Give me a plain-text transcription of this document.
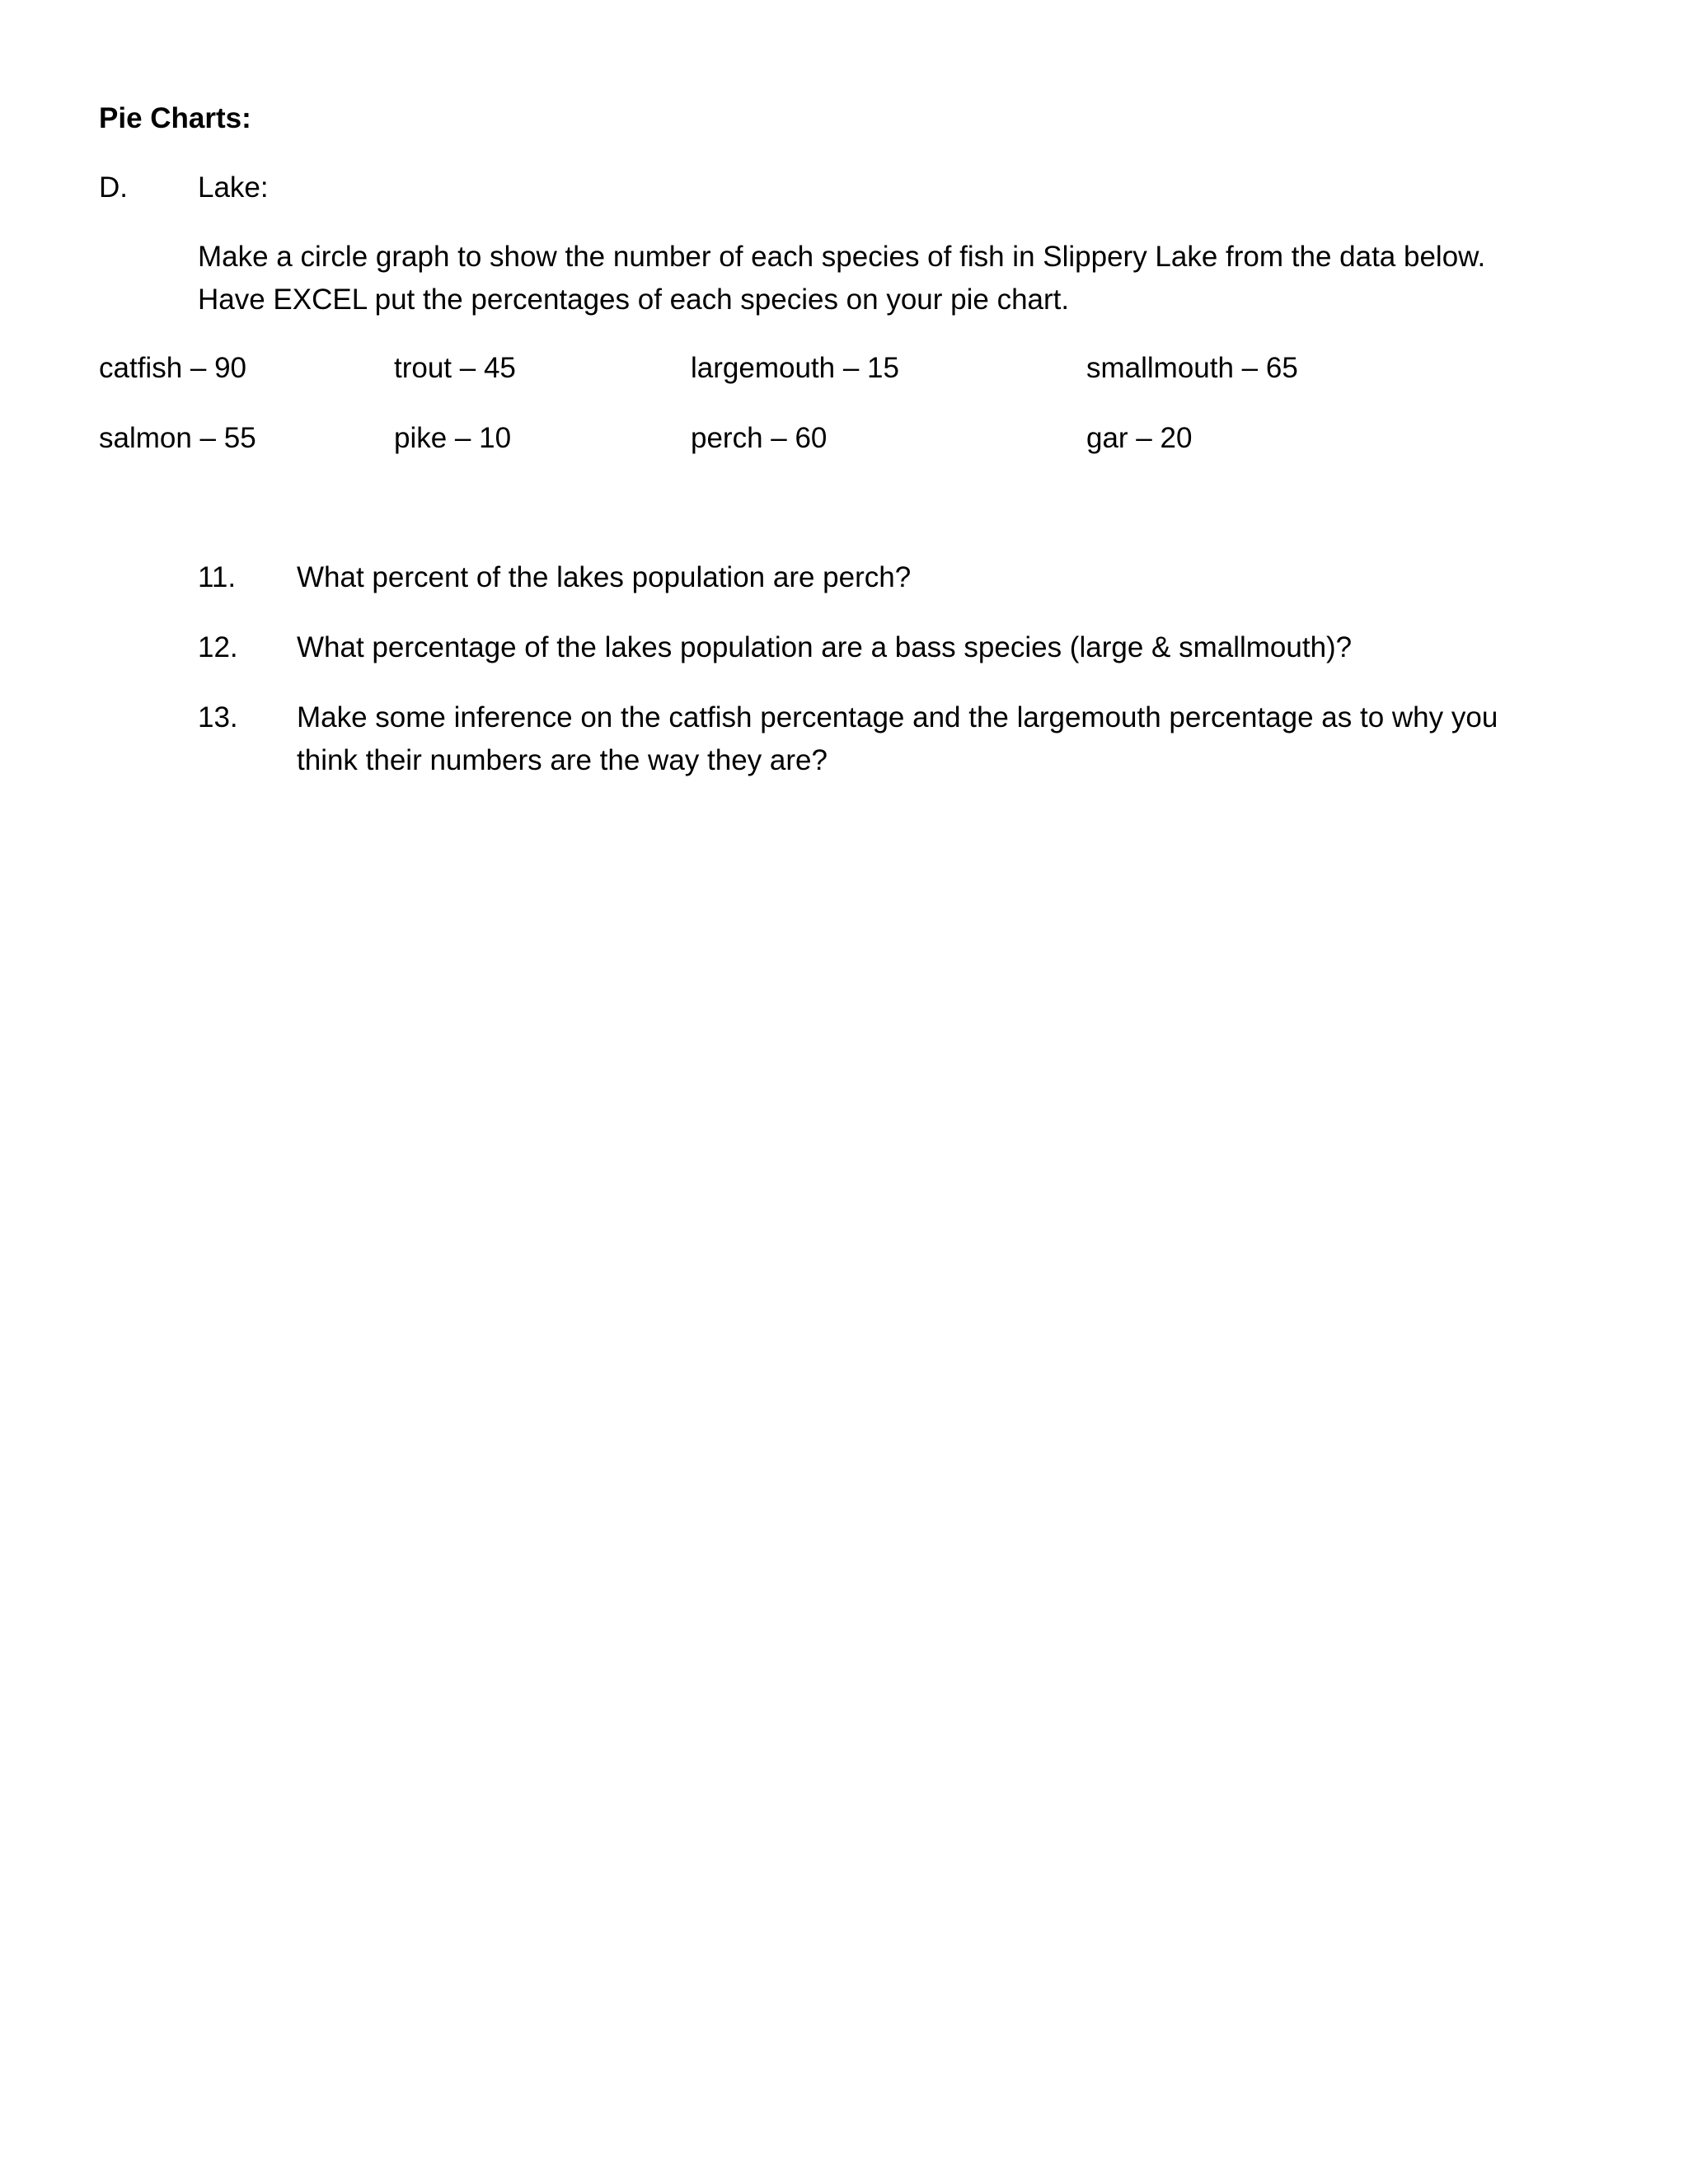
Pie Charts:
D. Lake:
Make a circle graph to show the number of each species of fish in Slippery Lake from the data below. Have EXCEL put the percentages of each species on your pie chart.
catfish – 90	trout – 45	largemouth – 15	smallmouth – 65
salmon – 55	pike – 10	perch – 60	gar – 20
11. What percent of the lakes population are perch?
12. What percentage of the lakes population are a bass species (large & smallmouth)?
13. Make some inference on the catfish percentage and the largemouth percentage as to why you think their numbers are the way they are?
